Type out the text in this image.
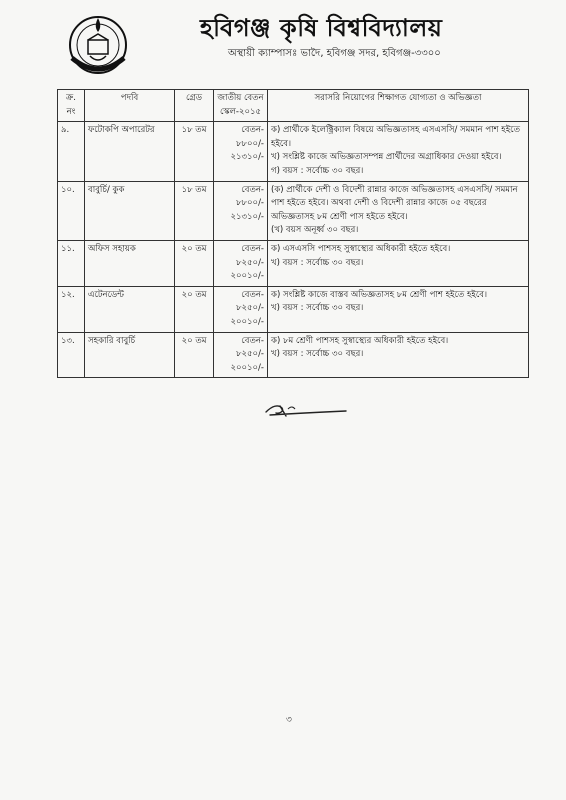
হবিগঞ্জ কৃষি বিশ্ববিদ্যালয়
অস্থায়ী ক্যাম্পাসঃ ভাদৈ, হবিগঞ্জ সদর, হবিগঞ্জ-৩৩০০
ক্র. নং	পদবি	গ্রেড	জাতীয় বেতন স্কেল-২০১৫	সরাসরি নিয়োগের শিক্ষাগত যোগ্যতা ও অভিজ্ঞতা
৯.	ফটোকপি অপারেটর	১৮ তম	বেতন- ৮৮০০/- ২১৩১০/-	ক) প্রার্থীকে ইলেক্ট্রিক্যাল বিষয়ে অভিজ্ঞতাসহ এসএসসি/ সমমান পাশ হইতে হইবে।
খ) সংশ্লিষ্ট কাজে অভিজ্ঞতাসম্পন্ন প্রার্থীদের অগ্রাধিকার দেওয়া হইবে।
গ) বয়স : সর্বোচ্চ ৩০ বছর।

১০.	বাবুর্চি/ কুক	১৮ তম	বেতন- ৮৮০০/- ২১৩১০/-	(ক) প্রার্থীকে দেশী ও বিদেশী রান্নার কাজে অভিজ্ঞতাসহ এসএসসি/ সমমান পাশ হইতে হইবে। অথবা দেশী ও বিদেশী রান্নার কাজে ০৫ বছরের অভিজ্ঞতাসহ ৮ম শ্রেণী পাস হইতে হইবে।
(খ) বয়স অনূর্ধ্ব ৩০ বছর।

১১.	অফিস সহায়ক	২০ তম	বেতন- ৮২৫০/- ২০০১০/-	ক) এসএসসি পাশসহ সুস্বাস্থ্যের অধিকারী হইতে হইবে।
খ) বয়স : সর্বোচ্চ ৩০ বছর।

১২.	এটেনডেন্ট	২০ তম	বেতন- ৮২৫০/- ২০০১০/-	ক) সংশ্লিষ্ট কাজে বাস্তব অভিজ্ঞতাসহ ৮ম শ্রেণী পাশ হইতে হইবে।
খ) বয়স : সর্বোচ্চ ৩০ বছর।

১৩.	সহকারি বাবুর্চি	২০ তম	বেতন- ৮২৫০/- ২০০১০/-	ক) ৮ম শ্রেণী পাশসহ সুস্বাস্থ্যের অধিকারী হইতে হইবে।
খ) বয়স : সর্বোচ্চ ৩০ বছর।
৩
